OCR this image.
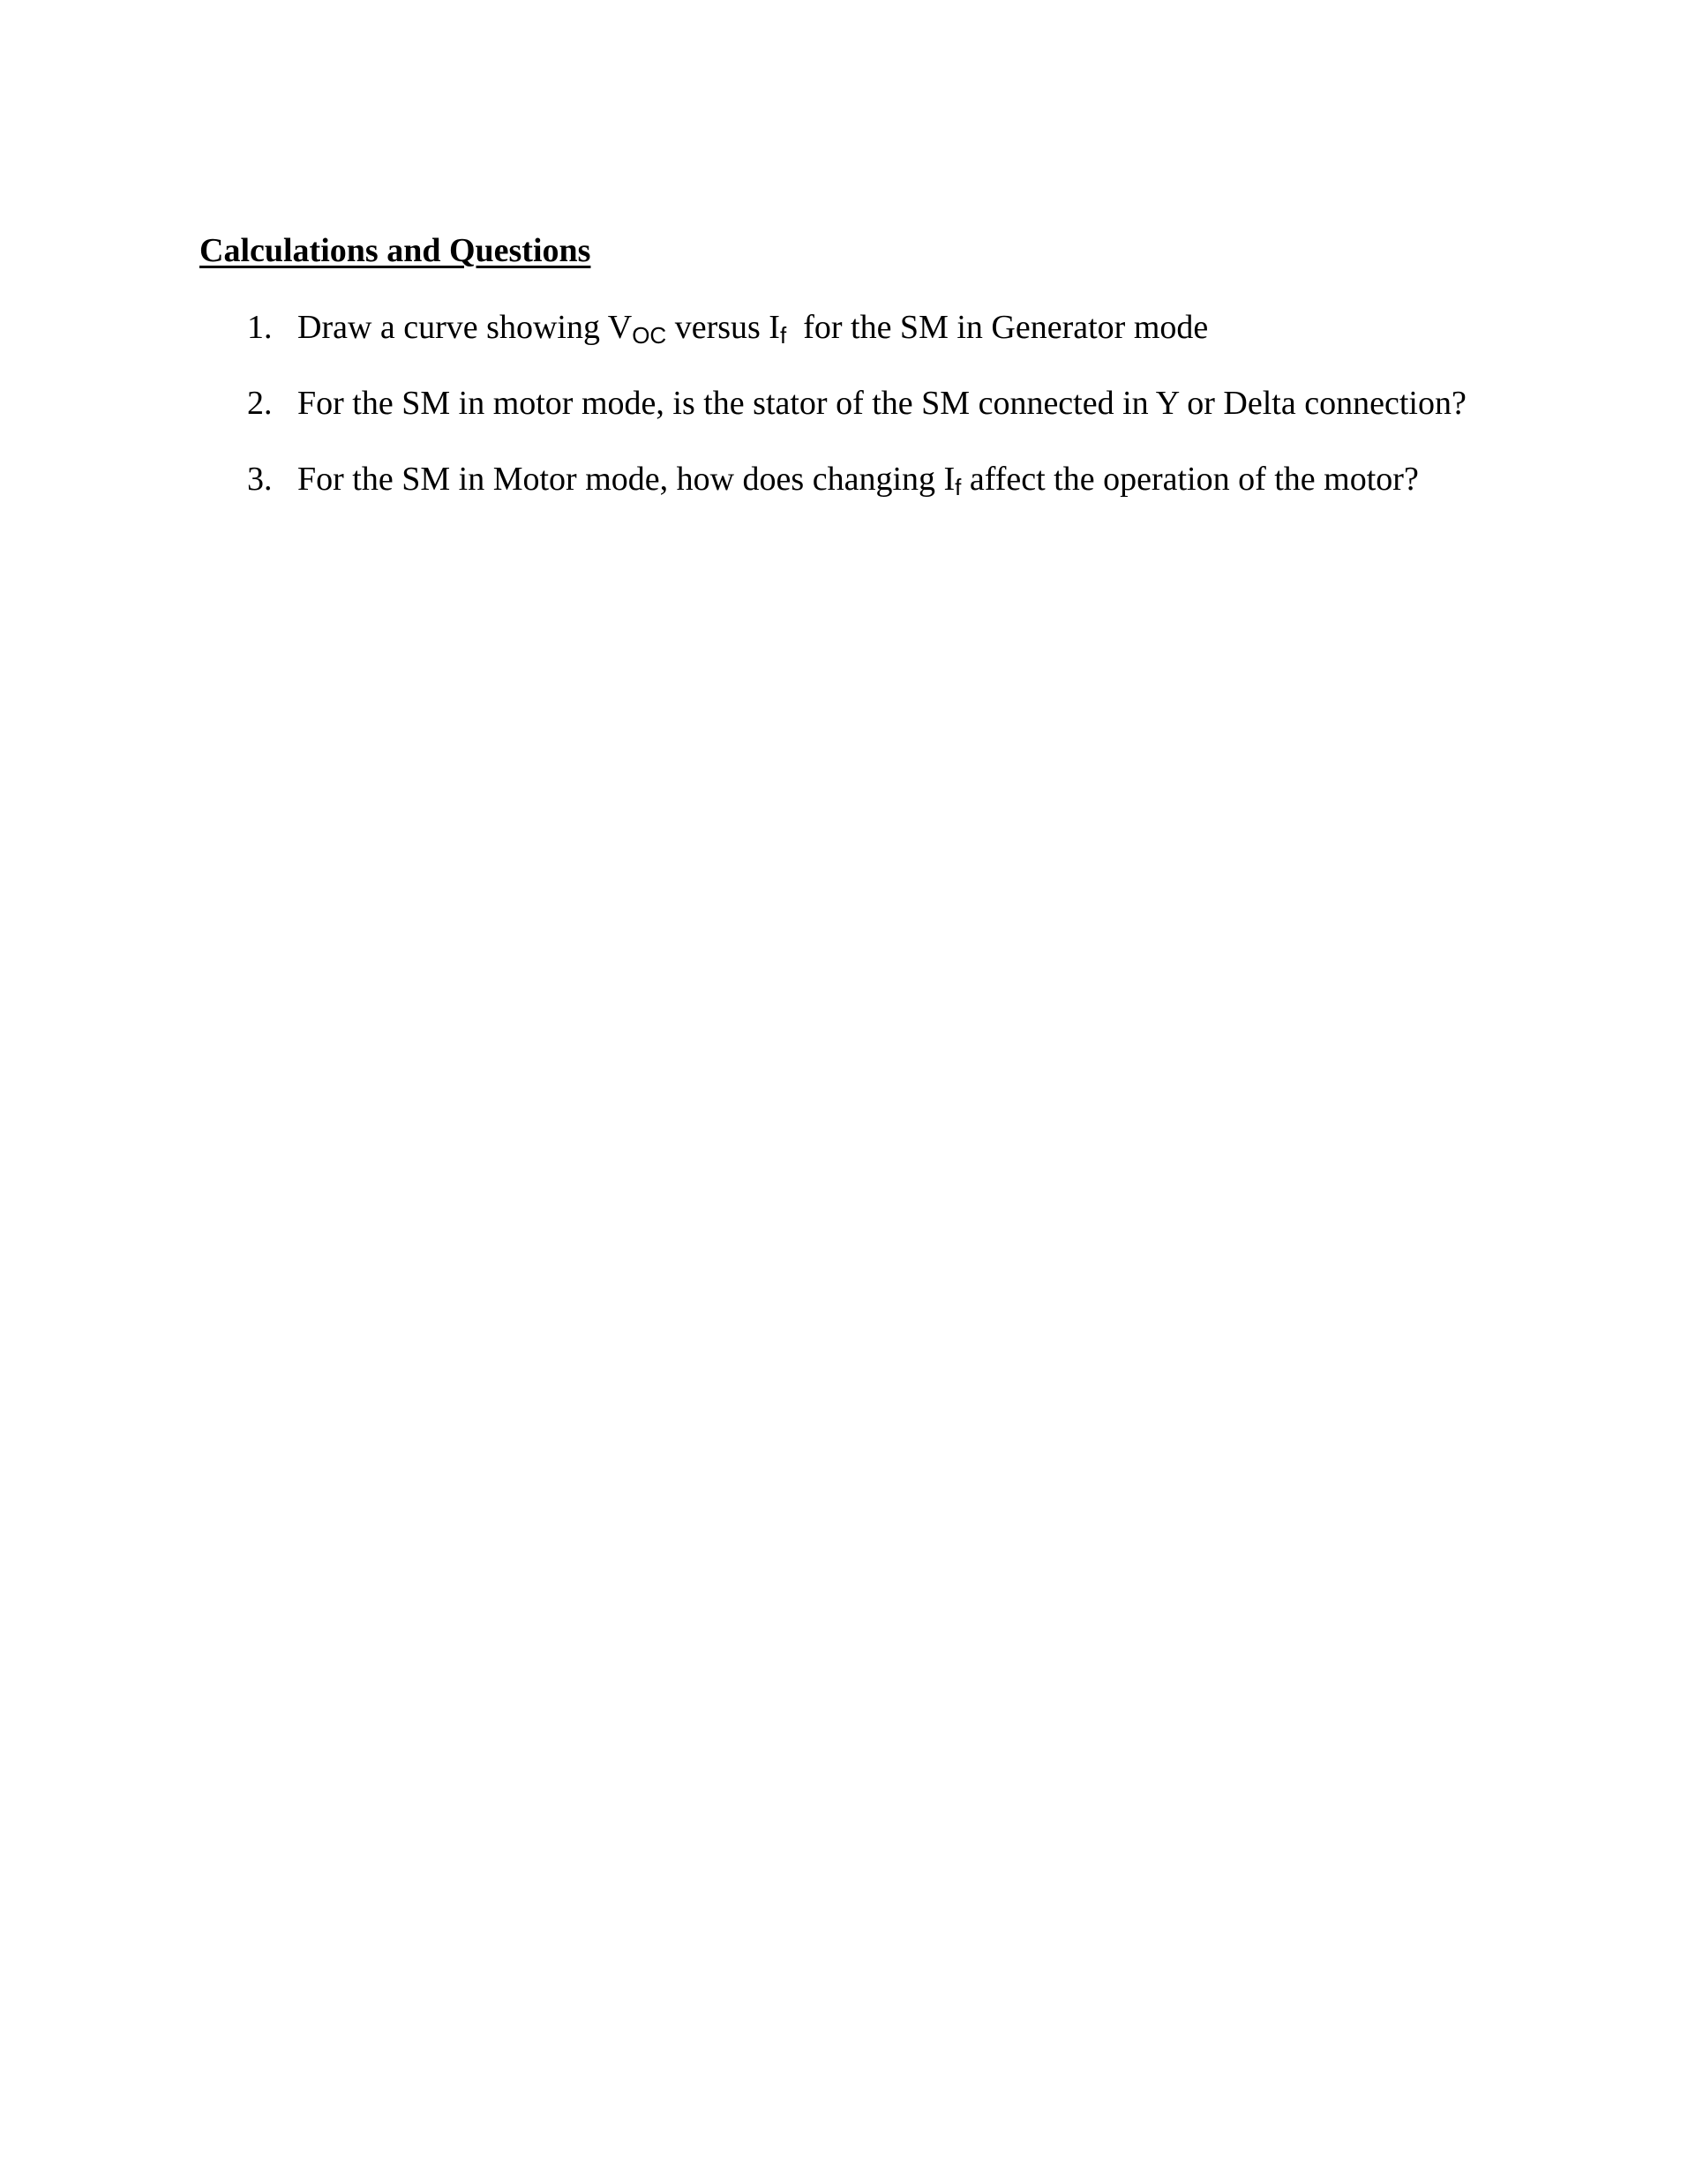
Calculations and Questions
1. Draw a curve showing $V_{OC}$ versus $I_f$  for the SM in Generator mode
2. For the SM in motor mode, is the stator of the SM connected in Y or Delta connection?
3. For the SM in Motor mode, how does changing $I_f$ affect the operation of the motor?
